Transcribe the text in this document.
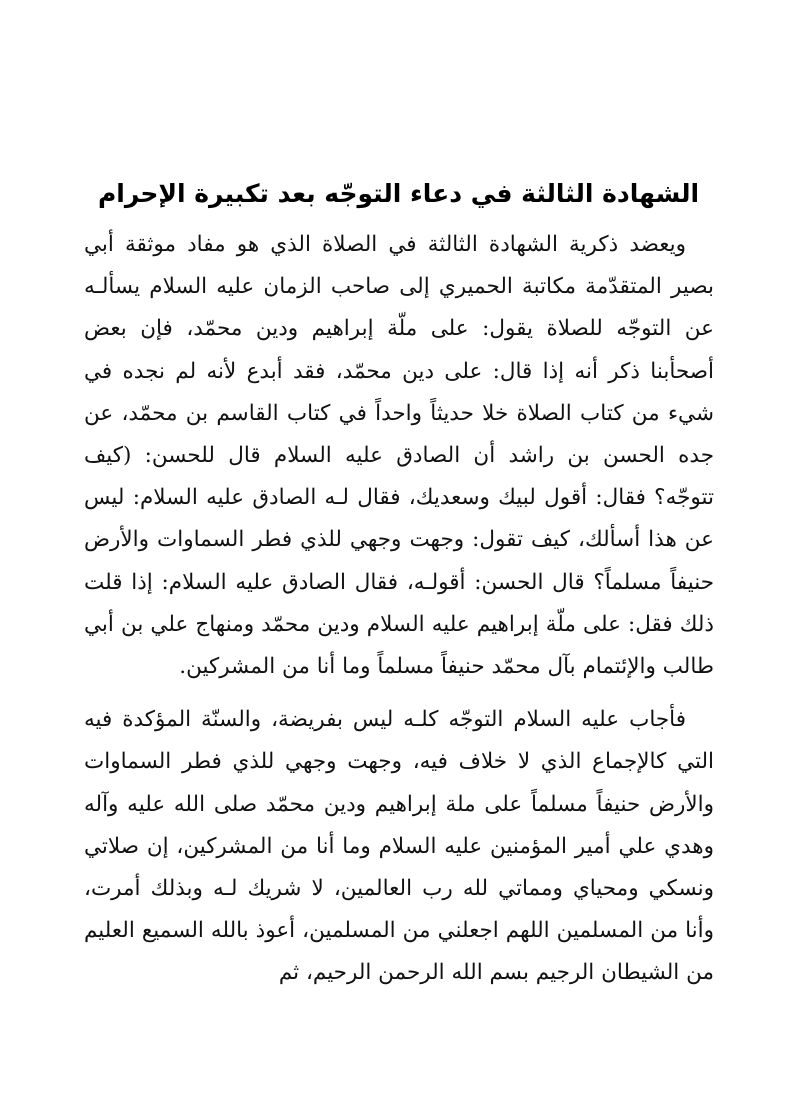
الشهادة الثالثة في دعاء التوجّه بعد تكبيرة الإحرام

ويعضد ذكرية الشهادة الثالثة في الصلاة الذي هو مفاد موثقة أبي بصير المتقدّمة مكاتبة الحميري إلى صاحب الزمان عليه السلام يسألـه عن التوجّه للصلاة يقول: على ملّة إبراهيم ودين محمّد، فإن بعض أصحأبنا ذكر أنه إذا قال: على دين محمّد، فقد أبدع لأنه لم نجده في شيء من كتاب الصلاة خلا حديثاً واحداً في كتاب القاسم بن محمّد، عن جده الحسن بن راشد أن الصادق عليه السلام قال للحسن: (كيف تتوجّه؟ فقال: أقول لبيك وسعديك، فقال لـه الصادق عليه السلام: ليس عن هذا أسألك، كيف تقول: وجهت وجهي للذي فطر السماوات والأرض حنيفاً مسلماً؟ قال الحسن: أقولـه، فقال الصادق عليه السلام: إذا قلت ذلك فقل: على ملّة إبراهيم عليه السلام ودين محمّد ومنهاج علي بن أبي طالب والإئتمام بآل محمّد حنيفاً مسلماً وما أنا من المشركين.

فأجاب عليه السلام التوجّه كلـه ليس بفريضة، والسنّة المؤكدة فيه التي كالإجماع الذي لا خلاف فيه، وجهت وجهي للذي فطر السماوات والأرض حنيفاً مسلماً على ملة إبراهيم ودين محمّد صلى الله عليه وآله وهدي علي أمير المؤمنين عليه السلام وما أنا من المشركين، إن صلاتي ونسكي ومحياي ومماتي لله رب العالمين، لا شريك لـه وبذلك أمرت، وأنا من المسلمين اللهم اجعلني من المسلمين، أعوذ بالله السميع العليم من الشيطان الرجيم بسم الله الرحمن الرحيم، ثم
